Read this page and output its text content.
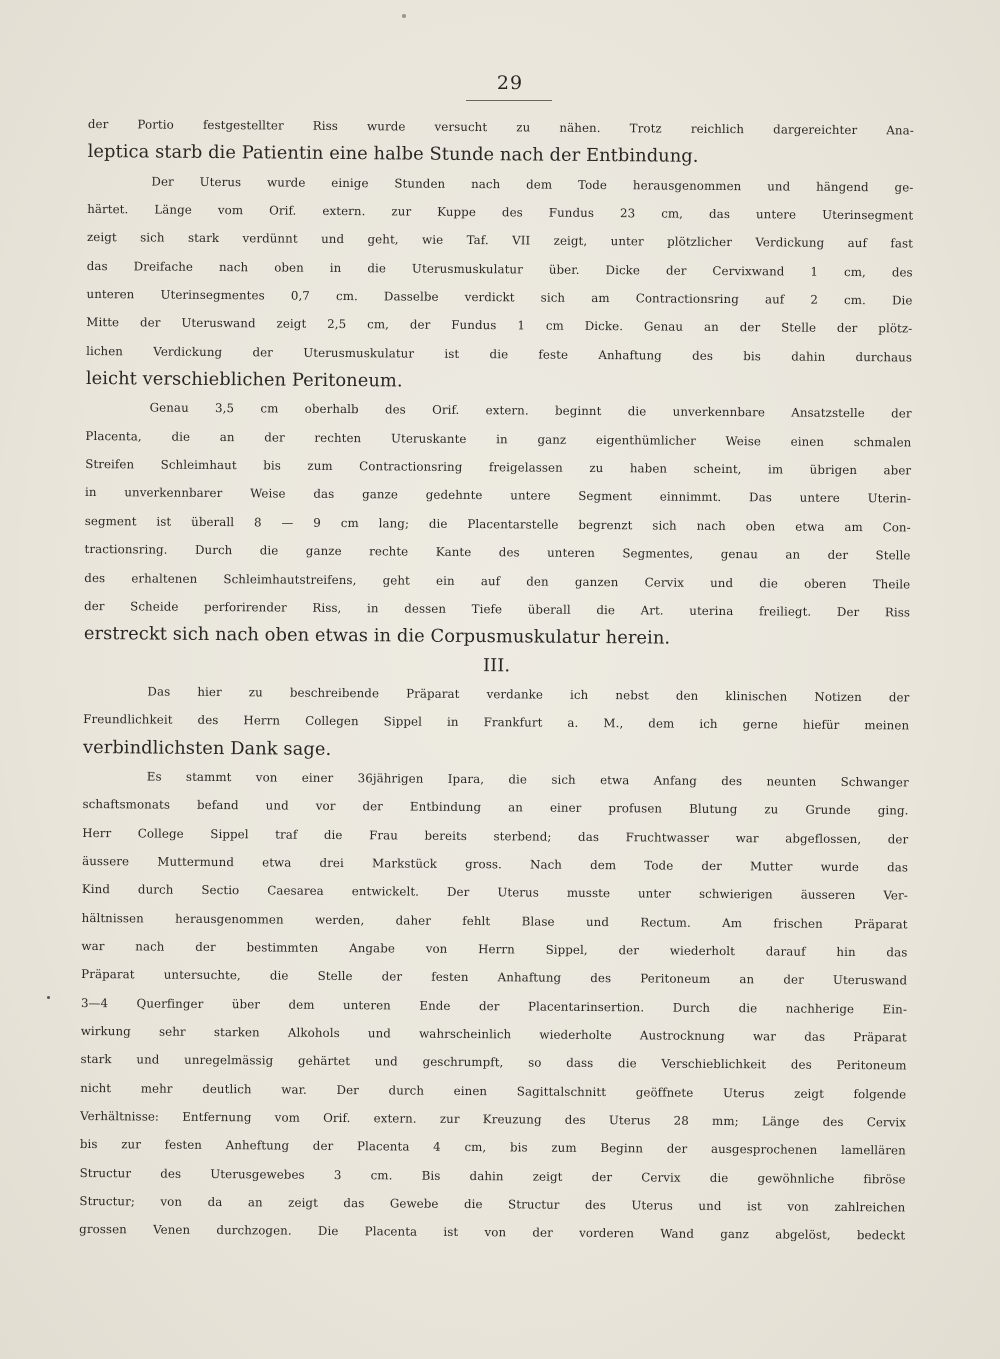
29
der Portio festgestellter Riss wurde versucht zu nähen. Trotz reichlich dargereichter Ana-
leptica starb die Patientin eine halbe Stunde nach der Entbindung.
Der Uterus wurde einige Stunden nach dem Tode herausgenommen und hängend ge-
härtet. Länge vom Orif. extern. zur Kuppe des Fundus 23 cm, das untere Uterinsegment
zeigt sich stark verdünnt und geht, wie Taf. VII zeigt, unter plötzlicher Verdickung auf fast
das Dreifache nach oben in die Uterusmuskulatur über. Dicke der Cervixwand 1 cm, des
unteren Uterinsegmentes 0,7 cm. Dasselbe verdickt sich am Contractionsring auf 2 cm. Die
Mitte der Uteruswand zeigt 2,5 cm, der Fundus 1 cm Dicke. Genau an der Stelle der plötz-
lichen Verdickung der Uterusmuskulatur ist die feste Anhaftung des bis dahin durchaus
leicht verschieblichen Peritoneum.
Genau 3,5 cm oberhalb des Orif. extern. beginnt die unverkennbare Ansatzstelle der
Placenta, die an der rechten Uteruskante in ganz eigenthümlicher Weise einen schmalen
Streifen Schleimhaut bis zum Contractionsring freigelassen zu haben scheint, im übrigen aber
in unverkennbarer Weise das ganze gedehnte untere Segment einnimmt. Das untere Uterin-
segment ist überall 8 — 9 cm lang; die Placentarstelle begrenzt sich nach oben etwa am Con-
tractionsring. Durch die ganze rechte Kante des unteren Segmentes, genau an der Stelle
des erhaltenen Schleimhautstreifens, geht ein auf den ganzen Cervix und die oberen Theile
der Scheide perforirender Riss, in dessen Tiefe überall die Art. uterina freiliegt. Der Riss
erstreckt sich nach oben etwas in die Corpusmuskulatur herein.
III.
Das hier zu beschreibende Präparat verdanke ich nebst den klinischen Notizen der
Freundlichkeit des Herrn Collegen Sippel in Frankfurt a. M., dem ich gerne hiefür meinen
verbindlichsten Dank sage.
Es stammt von einer 36jährigen Ipara, die sich etwa Anfang des neunten Schwanger
schaftsmonats befand und vor der Entbindung an einer profusen Blutung zu Grunde ging.
Herr College Sippel traf die Frau bereits sterbend; das Fruchtwasser war abgeflossen, der
äussere Muttermund etwa drei Markstück gross. Nach dem Tode der Mutter wurde das
Kind durch Sectio Caesarea entwickelt. Der Uterus musste unter schwierigen äusseren Ver-
hältnissen herausgenommen werden, daher fehlt Blase und Rectum. Am frischen Präparat
war nach der bestimmten Angabe von Herrn Sippel, der wiederholt darauf hin das
Präparat untersuchte, die Stelle der festen Anhaftung des Peritoneum an der Uteruswand
3—4 Querfinger über dem unteren Ende der Placentarinsertion. Durch die nachherige Ein-
wirkung sehr starken Alkohols und wahrscheinlich wiederholte Austrocknung war das Präparat
stark und unregelmässig gehärtet und geschrumpft, so dass die Verschieblichkeit des Peritoneum
nicht mehr deutlich war. Der durch einen Sagittalschnitt geöffnete Uterus zeigt folgende
Verhältnisse: Entfernung vom Orif. extern. zur Kreuzung des Uterus 28 mm; Länge des Cervix
bis zur festen Anheftung der Placenta 4 cm, bis zum Beginn der ausgesprochenen lamellären
Structur des Uterusgewebes 3 cm. Bis dahin zeigt der Cervix die gewöhnliche fibröse
Structur; von da an zeigt das Gewebe die Structur des Uterus und ist von zahlreichen
grossen Venen durchzogen. Die Placenta ist von der vorderen Wand ganz abgelöst, bedeckt
